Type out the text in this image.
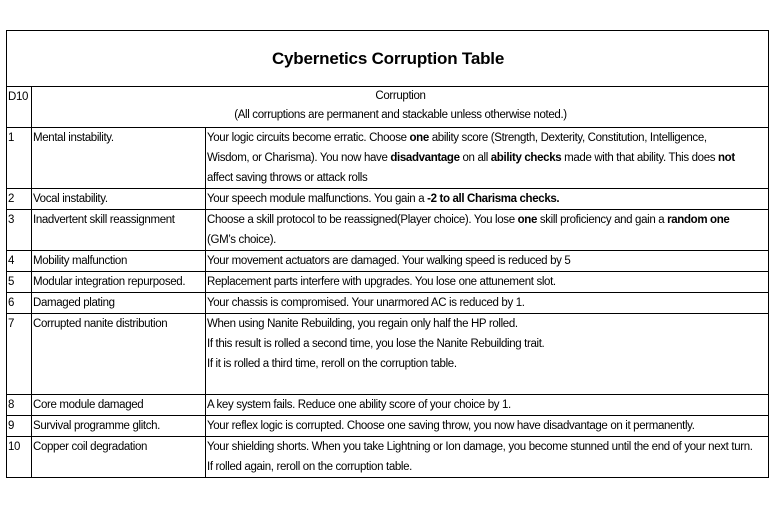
Cybernetics Corruption Table		
D10	Corruption
(All corruptions are permanent and stackable unless otherwise noted.)	

1	Mental instability.	Your logic circuits become erratic. Choose one ability score (Strength, Dexterity, Constitution, Intelligence,
Wisdom, or Charisma). You now have disadvantage on all ability checks made with that ability. This does not
affect saving throws or attack rolls

2	Vocal instability.	Your speech module malfunctions. You gain a -2 to all Charisma checks.

3	Inadvertent skill reassignment	Choose a skill protocol to be reassigned(Player choice). You lose one skill proficiency and gain a random one
(GM’s choice).

4	Mobility malfunction	Your movement actuators are damaged. Your walking speed is reduced by 5

5	Modular integration repurposed.	Replacement parts interfere with upgrades. You lose one attunement slot.

6	Damaged plating	Your chassis is compromised. Your unarmored AC is reduced by 1.

7	Corrupted nanite distribution	When using Nanite Rebuilding, you regain only half the HP rolled.
If this result is rolled a second time, you lose the Nanite Rebuilding trait.
If it is rolled a third time, reroll on the corruption table.

8	Core module damaged	A key system fails. Reduce one ability score of your choice by 1.

9	Survival programme glitch.	Your reflex logic is corrupted. Choose one saving throw, you now have disadvantage on it permanently.

10	Copper coil degradation	Your shielding shorts. When you take Lightning or Ion damage, you become stunned until the end of your next turn.
If rolled again, reroll on the corruption table.
